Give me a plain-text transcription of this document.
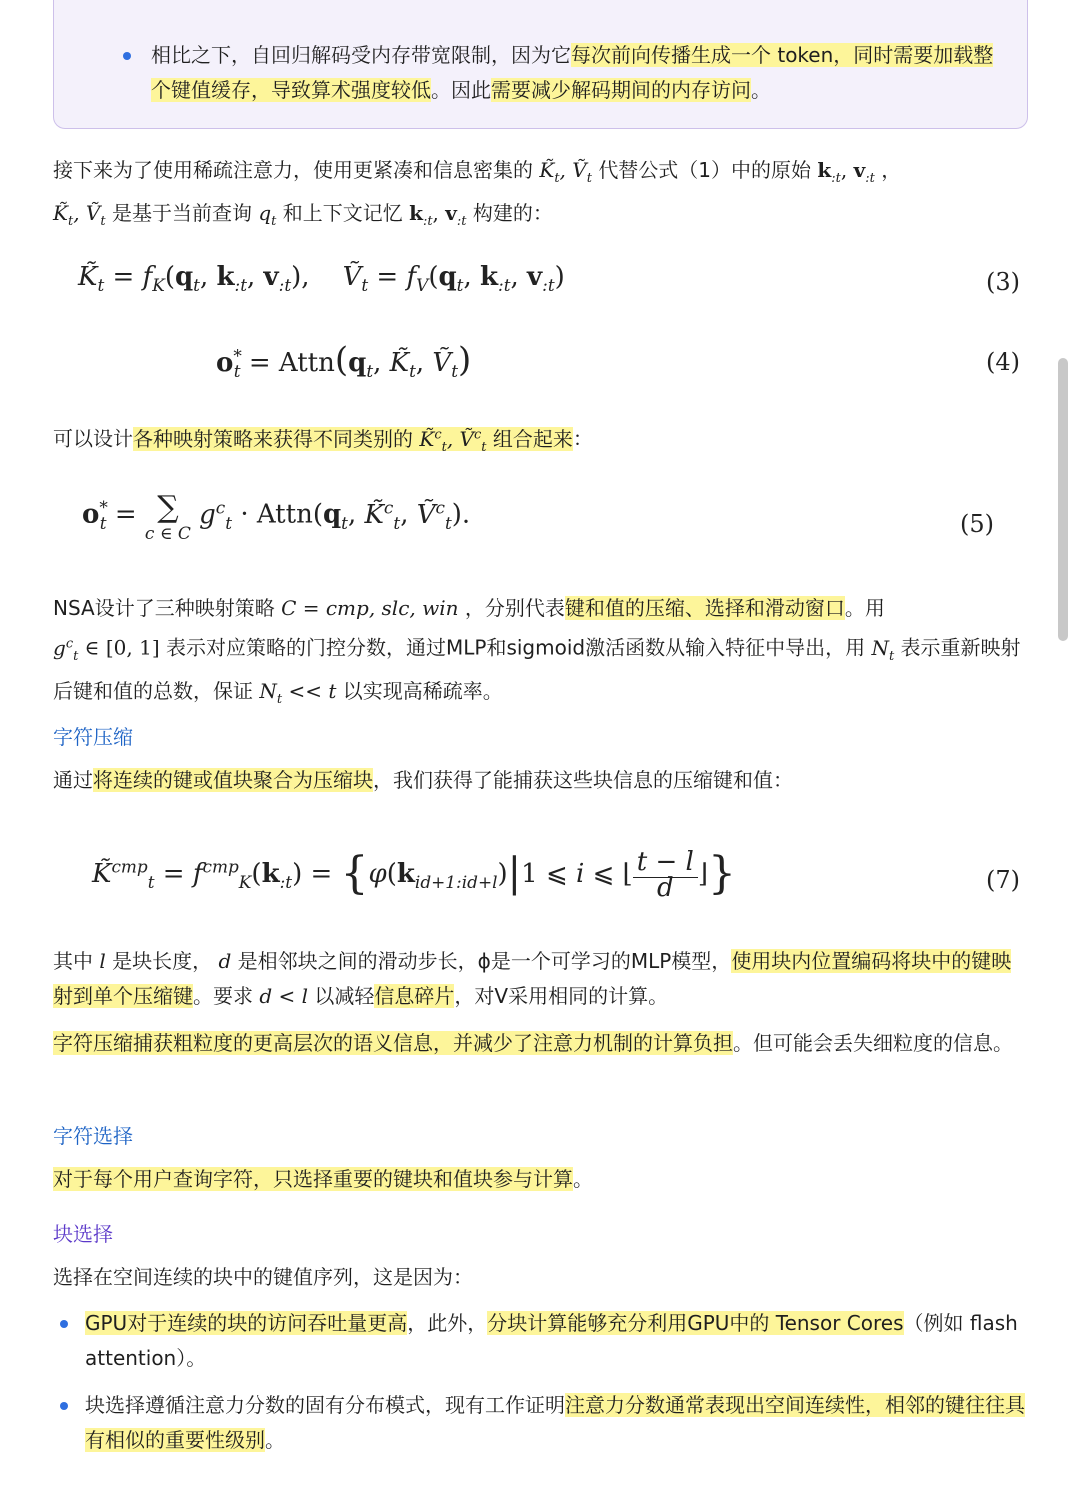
相比之下，自回归解码受内存带宽限制，因为它每次前向传播生成一个 token，同时需要加载整个键值缓存，导致算术强度较低。因此需要减少解码期间的内存访问。

接下来为了使用稀疏注意力，使用更紧凑和信息密集的 $K̃_t$, Ṽ$_t$ 代替公式（1）中的原始 $k_{:t}$, $v_{:t}$ ，
$K̃_t$, Ṽ$_t$ 是基于当前查询 $q_t$ 和上下文记忆 $k_{:t}$, $v_{:t}$ 构建的：

$K̃_t = f_K(q_t$, $k_{:t}$, $v_{:t}$),    Ṽ$_t$ = $f_V(q_t$, $k_{:t}$, $v_{:t}$)	(3)
$o^*_t$ = $Attn(q_t$, $K̃_t$, Ṽ$_t$)	(4)

可以设计各种映射策略来获得不同类别的 K̃$^c_t$, Ṽ$^c_t$ 组合起来：

$o^*_t$ = ∑
c ∈ C $g^c_t$ · $Attn(q_t$, K̃$^c_t$, Ṽ$^c_t$).	(5)

NSA设计了三种映射策略 C = cmp, slc, win ，分别代表键和值的压缩、选择和滑动窗口。用
$g^c_t$ ∈ [0, 1] 表示对应策略的门控分数，通过MLP和sigmoid激活函数从输入特征中导出，用 $N_t$ 表示重新映射后键和值的总数，保证 $N_t << t$ 以实现高稀疏率。

字符压缩

通过将连续的键或值块聚合为压缩块，我们获得了能捕获这些块信息的压缩键和值：

K̃$^{cmp}_t$ = $f^{cmp}_K(k_{:t}) = \{\varphi(k_{id+1:id+l})|1$ ⩽ i ⩽ $⌊\frac{t - l}{d}⌋$}	(7)

其中 l 是块长度， d 是相邻块之间的滑动步长，ϕ是一个可学习的MLP模型，使用块内位置编码将块中的键映射到单个压缩键。要求 d < l 以减轻信息碎片，对V采用相同的计算。

字符压缩捕获粗粒度的更高层次的语义信息，并减少了注意力机制的计算负担。但可能会丢失细粒度的信息。

字符选择

对于每个用户查询字符，只选择重要的键块和值块参与计算。

块选择

选择在空间连续的块中的键值序列，这是因为：

GPU对于连续的块的访问吞吐量更高，此外，分块计算能够充分利用GPU中的 Tensor Cores（例如 flash attention）。
块选择遵循注意力分数的固有分布模式，现有工作证明注意力分数通常表现出空间连续性，相邻的键往往具有相似的重要性级别。
